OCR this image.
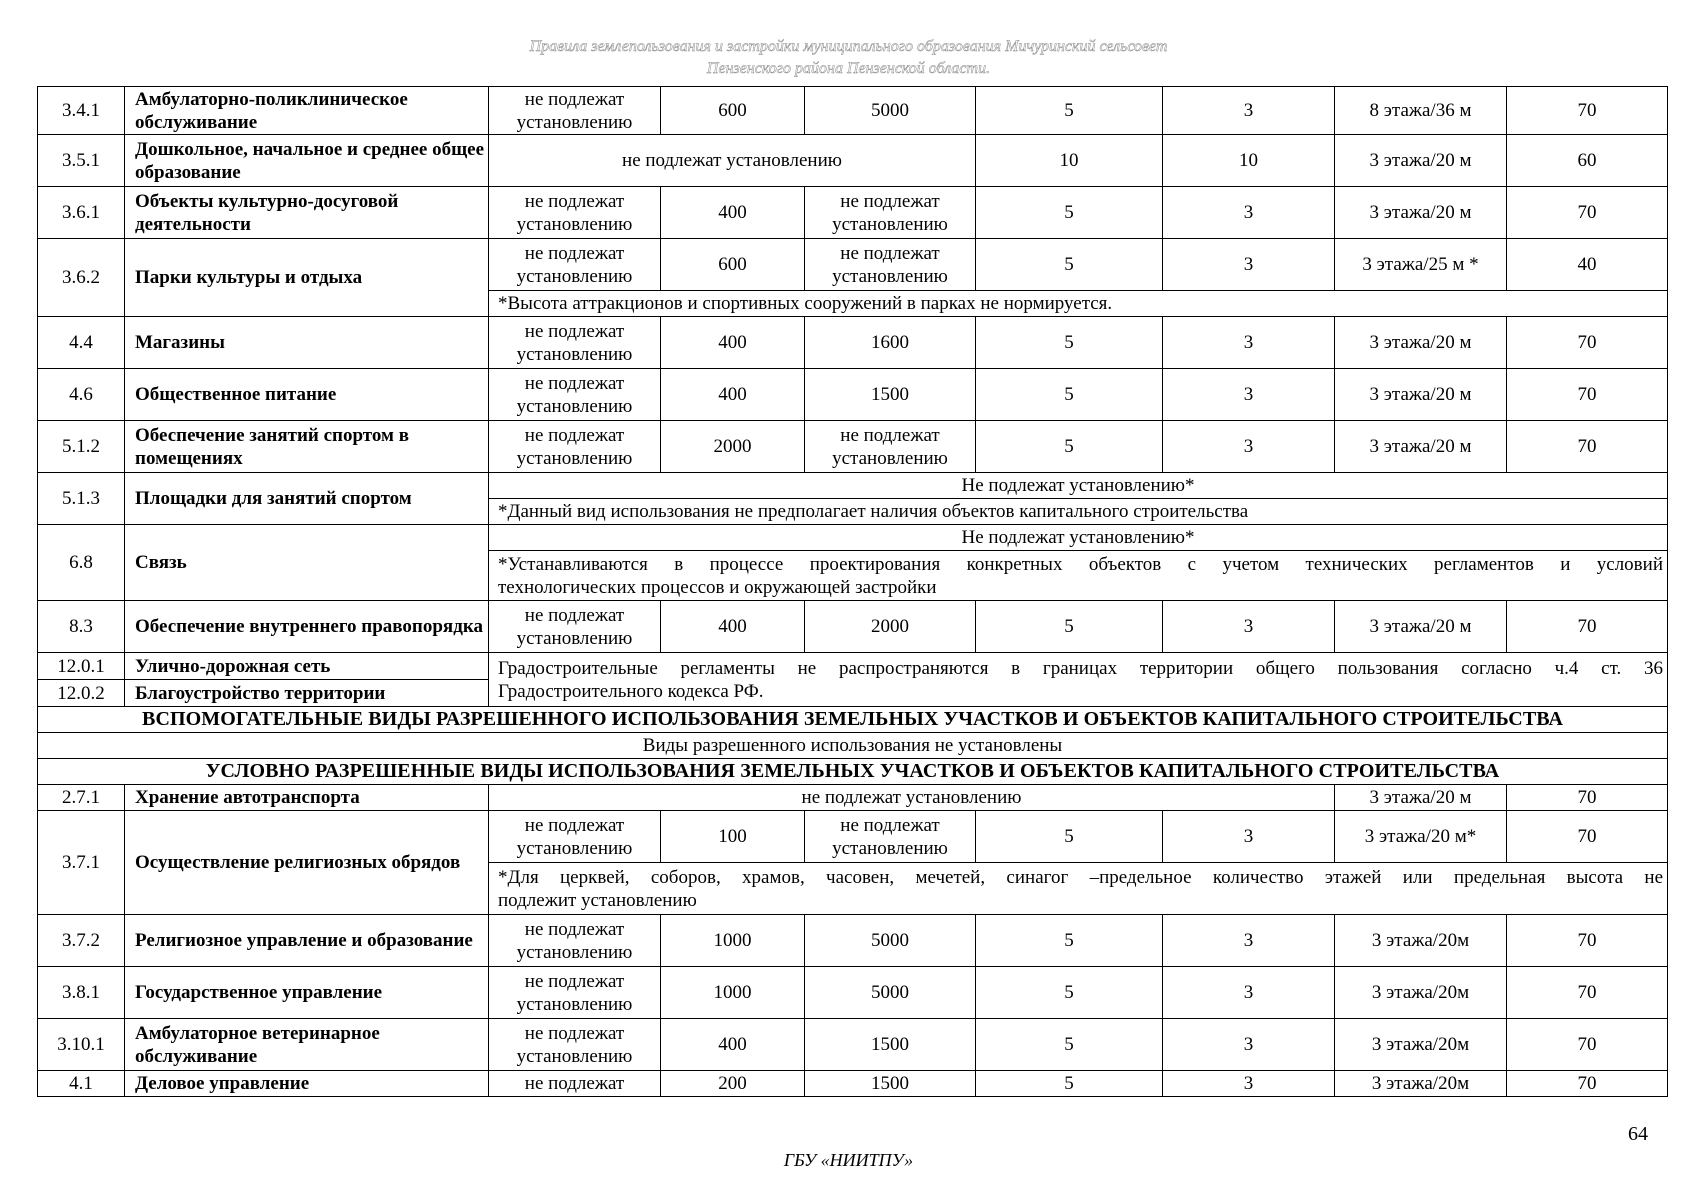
Правила землепользования и застройки муниципального образования Мичуринский сельсовет
Пензенского района Пензенской области.
3.4.1	Амбулаторно-поликлиническое обслуживание	не подлежат установлению	600	5000	5	3	8 этажа/36 м	70
3.5.1	Дошкольное, начальное и среднее общее образование	не подлежат установлению			10	10	3 этажа/20 м	60
3.6.1	Объекты культурно-досуговой деятельности	не подлежат установлению	400	не подлежат установлению	5	3	3 этажа/20 м	70
3.6.2	Парки культуры и отдыха	не подлежат установлению	600	не подлежат установлению	5	3	3 этажа/25 м *	40
		*Высота аттракционов и спортивных сооружений в парках не нормируется.						
4.4	Магазины	не подлежат установлению	400	1600	5	3	3 этажа/20 м	70
4.6	Общественное питание	не подлежат установлению	400	1500	5	3	3 этажа/20 м	70
5.1.2	Обеспечение занятий спортом в помещениях	не подлежат установлению	2000	не подлежат установлению	5	3	3 этажа/20 м	70
5.1.3	Площадки для занятий спортом	Не подлежат установлению*						
		*Данный вид использования не предполагает наличия объектов капитального строительства						
6.8	Связь	Не подлежат установлению*						

		*Устанавливаются в процессе проектирования конкретных объектов с учетом технических регламентов и условий
технологических процессов и окружающей застройки						

8.3	Обеспечение внутреннего правопорядка	не подлежат установлению	400	2000	5	3	3 этажа/20 м	70
12.0.1	Улично-дорожная сеть	Градостроительные регламенты не распространяются в границах территории общего пользования согласно ч.4 ст. 36
Градостроительного кодекса РФ.						

12.0.2	Благоустройство территории							
ВСПОМОГАТЕЛЬНЫЕ ВИДЫ РАЗРЕШЕННОГО ИСПОЛЬЗОВАНИЯ ЗЕМЕЛЬНЫХ УЧАСТКОВ И ОБЪЕКТОВ КАПИТАЛЬНОГО СТРОИТЕЛЬСТВА								
Виды разрешенного использования не установлены								
УСЛОВНО РАЗРЕШЕННЫЕ ВИДЫ ИСПОЛЬЗОВАНИЯ ЗЕМЕЛЬНЫХ УЧАСТКОВ И ОБЪЕКТОВ КАПИТАЛЬНОГО СТРОИТЕЛЬСТВА								
2.7.1	Хранение автотранспорта	не подлежат установлению					3 этажа/20 м	70
3.7.1	Осуществление религиозных обрядов	не подлежат установлению	100	не подлежат установлению	5	3	3 этажа/20 м*	70

		*Для церквей, соборов, храмов, часовен, мечетей, синагог –предельное количество этажей или предельная высота не
подлежит установлению						

3.7.2	Религиозное управление и образование	не подлежат установлению	1000	5000	5	3	3 этажа/20м	70
3.8.1	Государственное управление	не подлежат установлению	1000	5000	5	3	3 этажа/20м	70
3.10.1	Амбулаторное ветеринарное обслуживание	не подлежат установлению	400	1500	5	3	3 этажа/20м	70
4.1	Деловое управление	не подлежат	200	1500	5	3	3 этажа/20м	70
64
ГБУ «НИИТПУ»
